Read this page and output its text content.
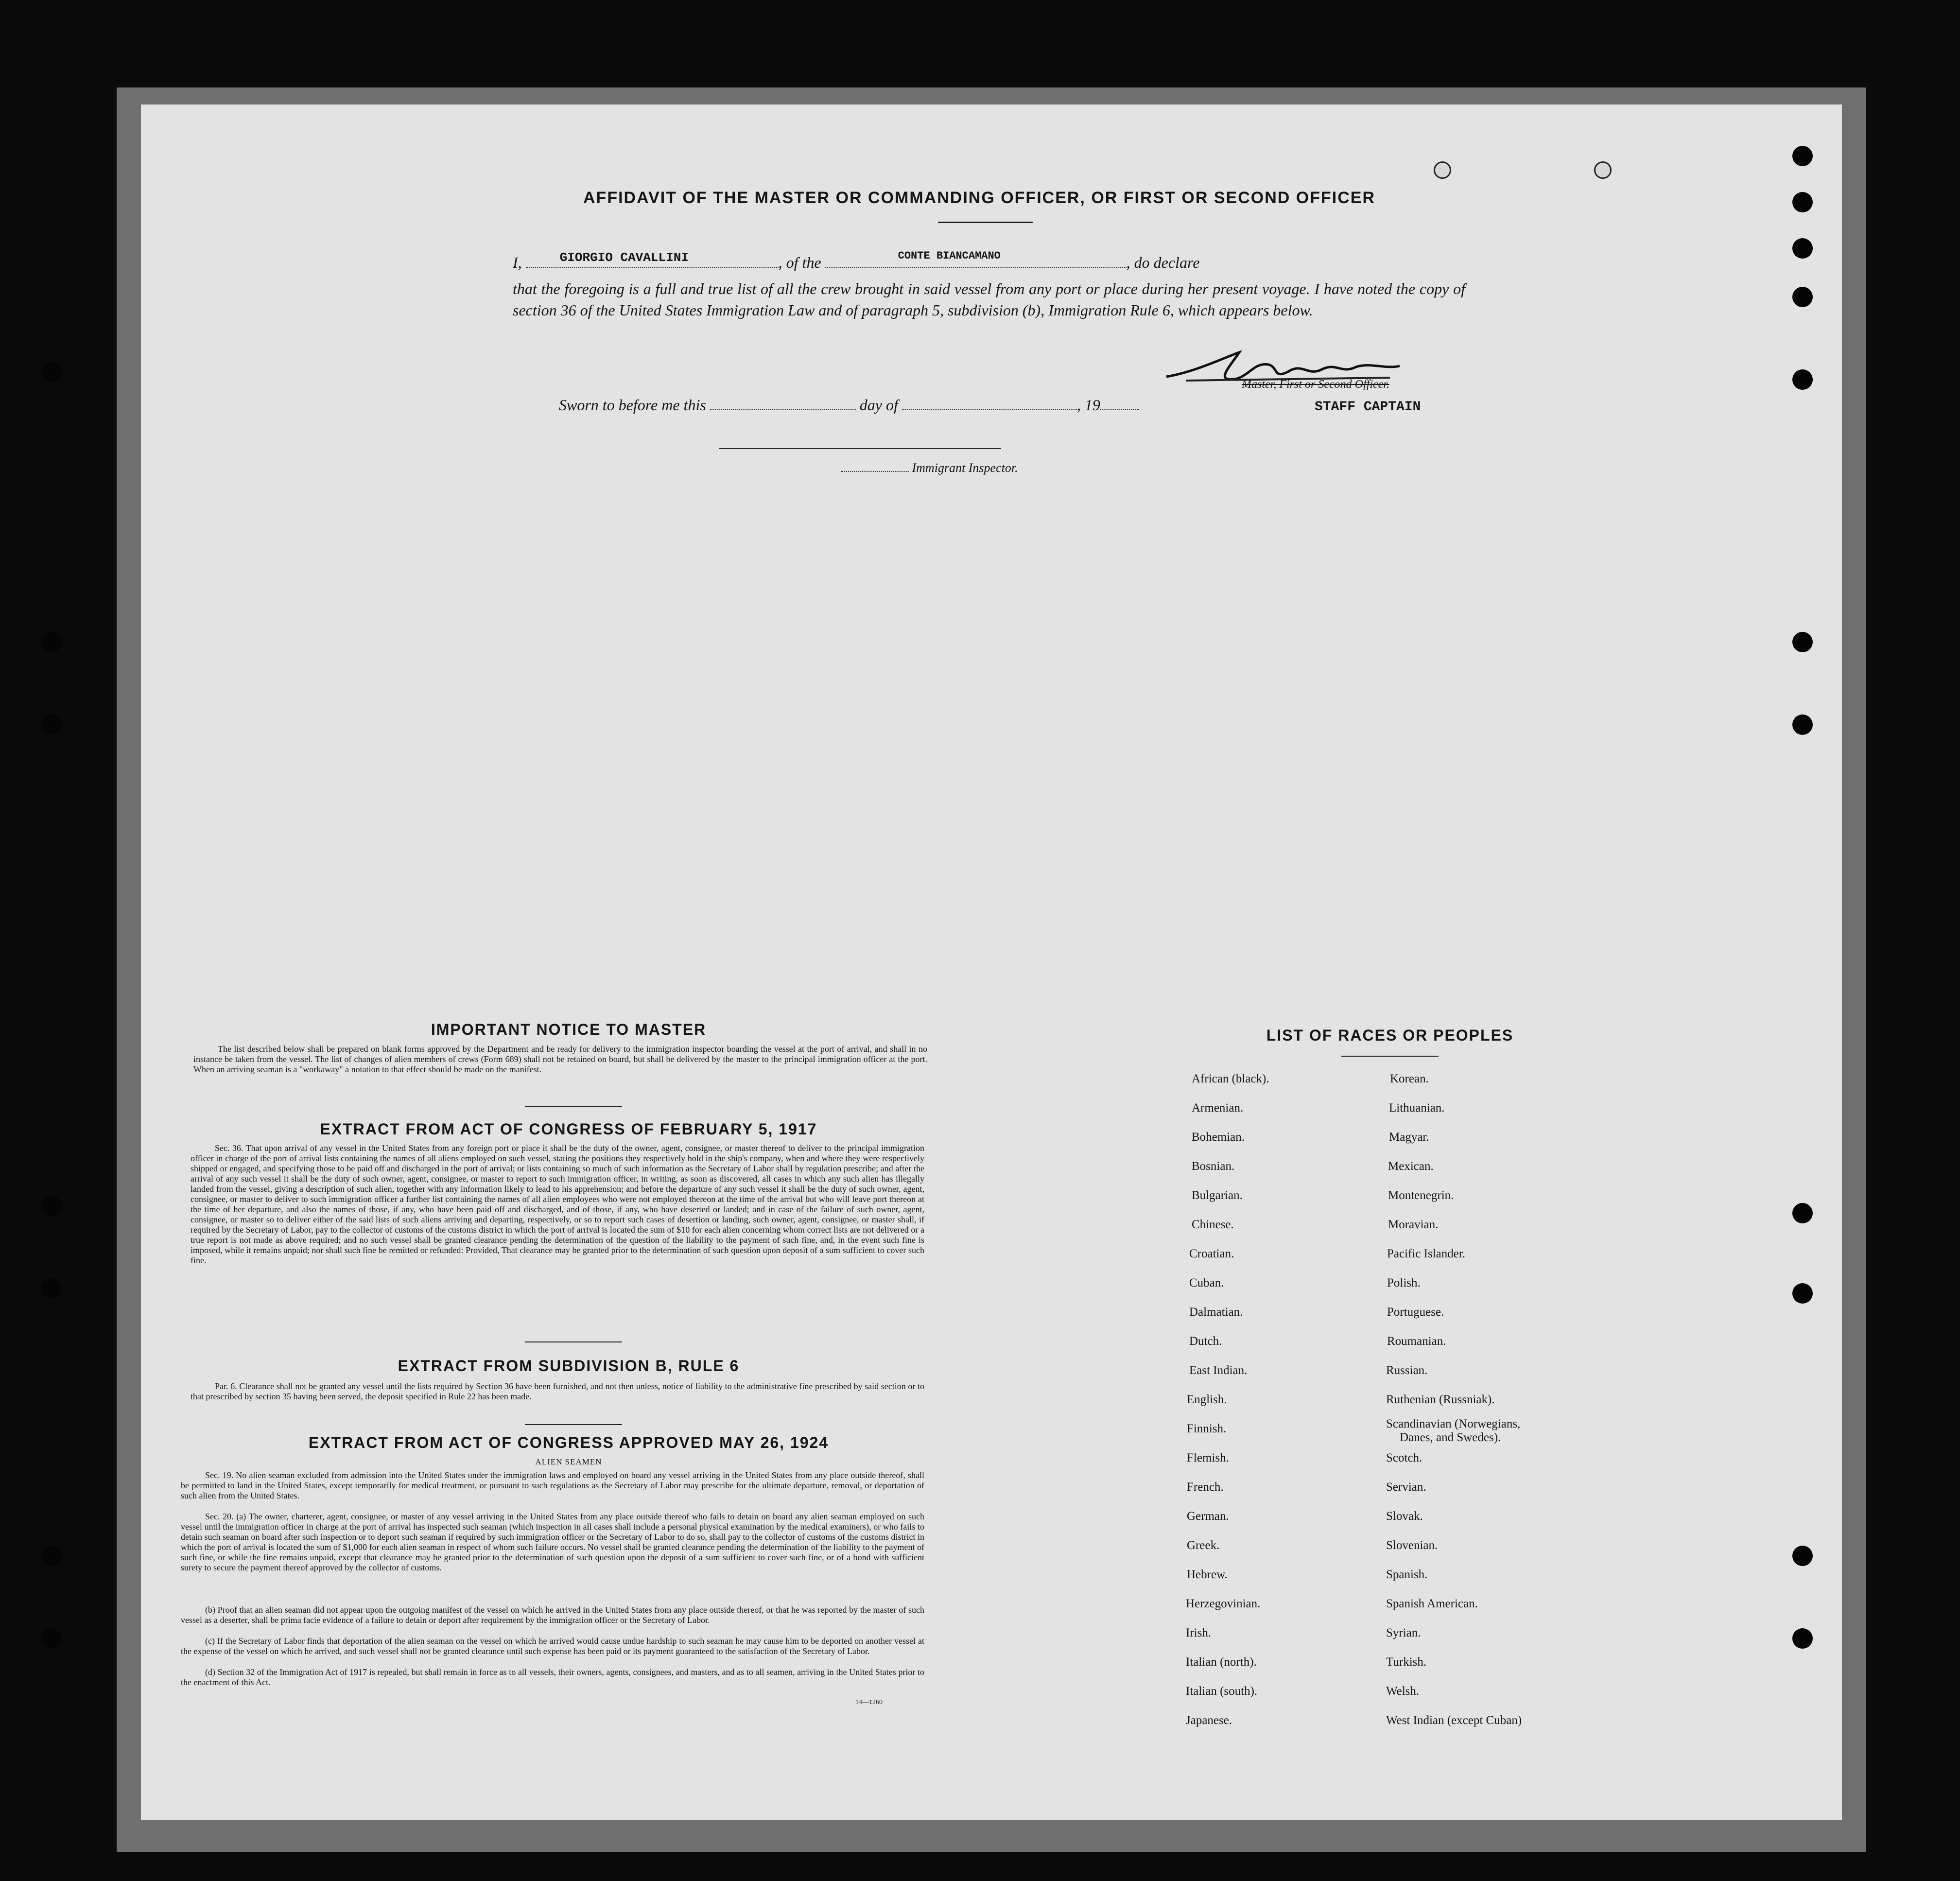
AFFIDAVIT OF THE MASTER OR COMMANDING OFFICER, OR FIRST OR SECOND OFFICER
I,	GIORGIO CAVALLINI	, of the	CONTE BIANCAMANO	, do declare
that the foregoing is a full and true list of all the crew brought in said vessel from any port or place during her present voyage. I have noted the copy of section 36 of the United States Immigration Law and of paragraph 5, subdivision (b), Immigration Rule 6, which appears below.
Master, First or Second Officer.
STAFF CAPTAIN
Sworn to before me this	day of	, 19
Immigrant Inspector.
IMPORTANT NOTICE TO MASTER
The list described below shall be prepared on blank forms approved by the Department and be ready for delivery to the immigration inspector boarding the vessel at the port of arrival, and shall in no instance be taken from the vessel. The list of changes of alien members of crews (Form 689) shall not be retained on board, but shall be delivered by the master to the principal immigration officer at the port. When an arriving seaman is a "workaway" a notation to that effect should be made on the manifest.
EXTRACT FROM ACT OF CONGRESS OF FEBRUARY 5, 1917
Sec. 36. That upon arrival of any vessel in the United States from any foreign port or place it shall be the duty of the owner, agent, consignee, or master thereof to deliver to the principal immigration officer in charge of the port of arrival lists containing the names of all aliens employed on such vessel, stating the positions they respectively hold in the ship's company, when and where they were respectively shipped or engaged, and specifying those to be paid off and discharged in the port of arrival; or lists containing so much of such information as the Secretary of Labor shall by regulation prescribe; and after the arrival of any such vessel it shall be the duty of such owner, agent, consignee, or master to report to such immigration officer, in writing, as soon as discovered, all cases in which any such alien has illegally landed from the vessel, giving a description of such alien, together with any information likely to lead to his apprehension; and before the departure of any such vessel it shall be the duty of such owner, agent, consignee, or master to deliver to such immigration officer a further list containing the names of all alien employees who were not employed thereon at the time of the arrival but who will leave port thereon at the time of her departure, and also the names of those, if any, who have been paid off and discharged, and of those, if any, who have deserted or landed; and in case of the failure of such owner, agent, consignee, or master so to deliver either of the said lists of such aliens arriving and departing, respectively, or so to report such cases of desertion or landing, such owner, agent, consignee, or master shall, if required by the Secretary of Labor, pay to the collector of customs of the customs district in which the port of arrival is located the sum of $10 for each alien concerning whom correct lists are not delivered or a true report is not made as above required; and no such vessel shall be granted clearance pending the determination of the question of the liability to the payment of such fine, and, in the event such fine is imposed, while it remains unpaid; nor shall such fine be remitted or refunded: Provided, That clearance may be granted prior to the determination of such question upon deposit of a sum sufficient to cover such fine.
EXTRACT FROM SUBDIVISION B, RULE 6
Par. 6. Clearance shall not be granted any vessel until the lists required by Section 36 have been furnished, and not then unless, notice of liability to the administrative fine prescribed by said section or to that prescribed by section 35 having been served, the deposit specified in Rule 22 has been made.
EXTRACT FROM ACT OF CONGRESS APPROVED MAY 26, 1924
ALIEN SEAMEN
Sec. 19. No alien seaman excluded from admission into the United States under the immigration laws and employed on board any vessel arriving in the United States from any place outside thereof, shall be permitted to land in the United States, except temporarily for medical treatment, or pursuant to such regulations as the Secretary of Labor may prescribe for the ultimate departure, removal, or deportation of such alien from the United States.
Sec. 20. (a) The owner, charterer, agent, consignee, or master of any vessel arriving in the United States from any place outside thereof who fails to detain on board any alien seaman employed on such vessel until the immigration officer in charge at the port of arrival has inspected such seaman (which inspection in all cases shall include a personal physical examination by the medical examiners), or who fails to detain such seaman on board after such inspection or to deport such seaman if required by such immigration officer or the Secretary of Labor to do so, shall pay to the collector of customs of the customs district in which the port of arrival is located the sum of $1,000 for each alien seaman in respect of whom such failure occurs. No vessel shall be granted clearance pending the determination of the liability to the payment of such fine, or while the fine remains unpaid, except that clearance may be granted prior to the determination of such question upon the deposit of a sum sufficient to cover such fine, or of a bond with sufficient surety to secure the payment thereof approved by the collector of customs.
(b) Proof that an alien seaman did not appear upon the outgoing manifest of the vessel on which he arrived in the United States from any place outside thereof, or that he was reported by the master of such vessel as a deserter, shall be prima facie evidence of a failure to detain or deport after requirement by the immigration officer or the Secretary of Labor.
(c) If the Secretary of Labor finds that deportation of the alien seaman on the vessel on which he arrived would cause undue hardship to such seaman he may cause him to be deported on another vessel at the expense of the vessel on which he arrived, and such vessel shall not be granted clearance until such expense has been paid or its payment guaranteed to the satisfaction of the Secretary of Labor.
(d) Section 32 of the Immigration Act of 1917 is repealed, but shall remain in force as to all vessels, their owners, agents, consignees, and masters, and as to all seamen, arriving in the United States prior to the enactment of this Act.
14—1260
LIST OF RACES OR PEOPLES
African (black).
Armenian.
Bohemian.
Bosnian.
Bulgarian.
Chinese.
Croatian.
Cuban.
Dalmatian.
Dutch.
East Indian.
English.
Finnish.
Flemish.
French.
German.
Greek.
Hebrew.
Herzegovinian.
Irish.
Italian (north).
Italian (south).
Japanese.
Korean.
Lithuanian.
Magyar.
Mexican.
Montenegrin.
Moravian.
Pacific Islander.
Polish.
Portuguese.
Roumanian.
Russian.
Ruthenian (Russniak).
Scandinavian (Norwegians,
Danes, and Swedes).
Scotch.
Servian.
Slovak.
Slovenian.
Spanish.
Spanish American.
Syrian.
Turkish.
Welsh.
West Indian (except Cuban)
